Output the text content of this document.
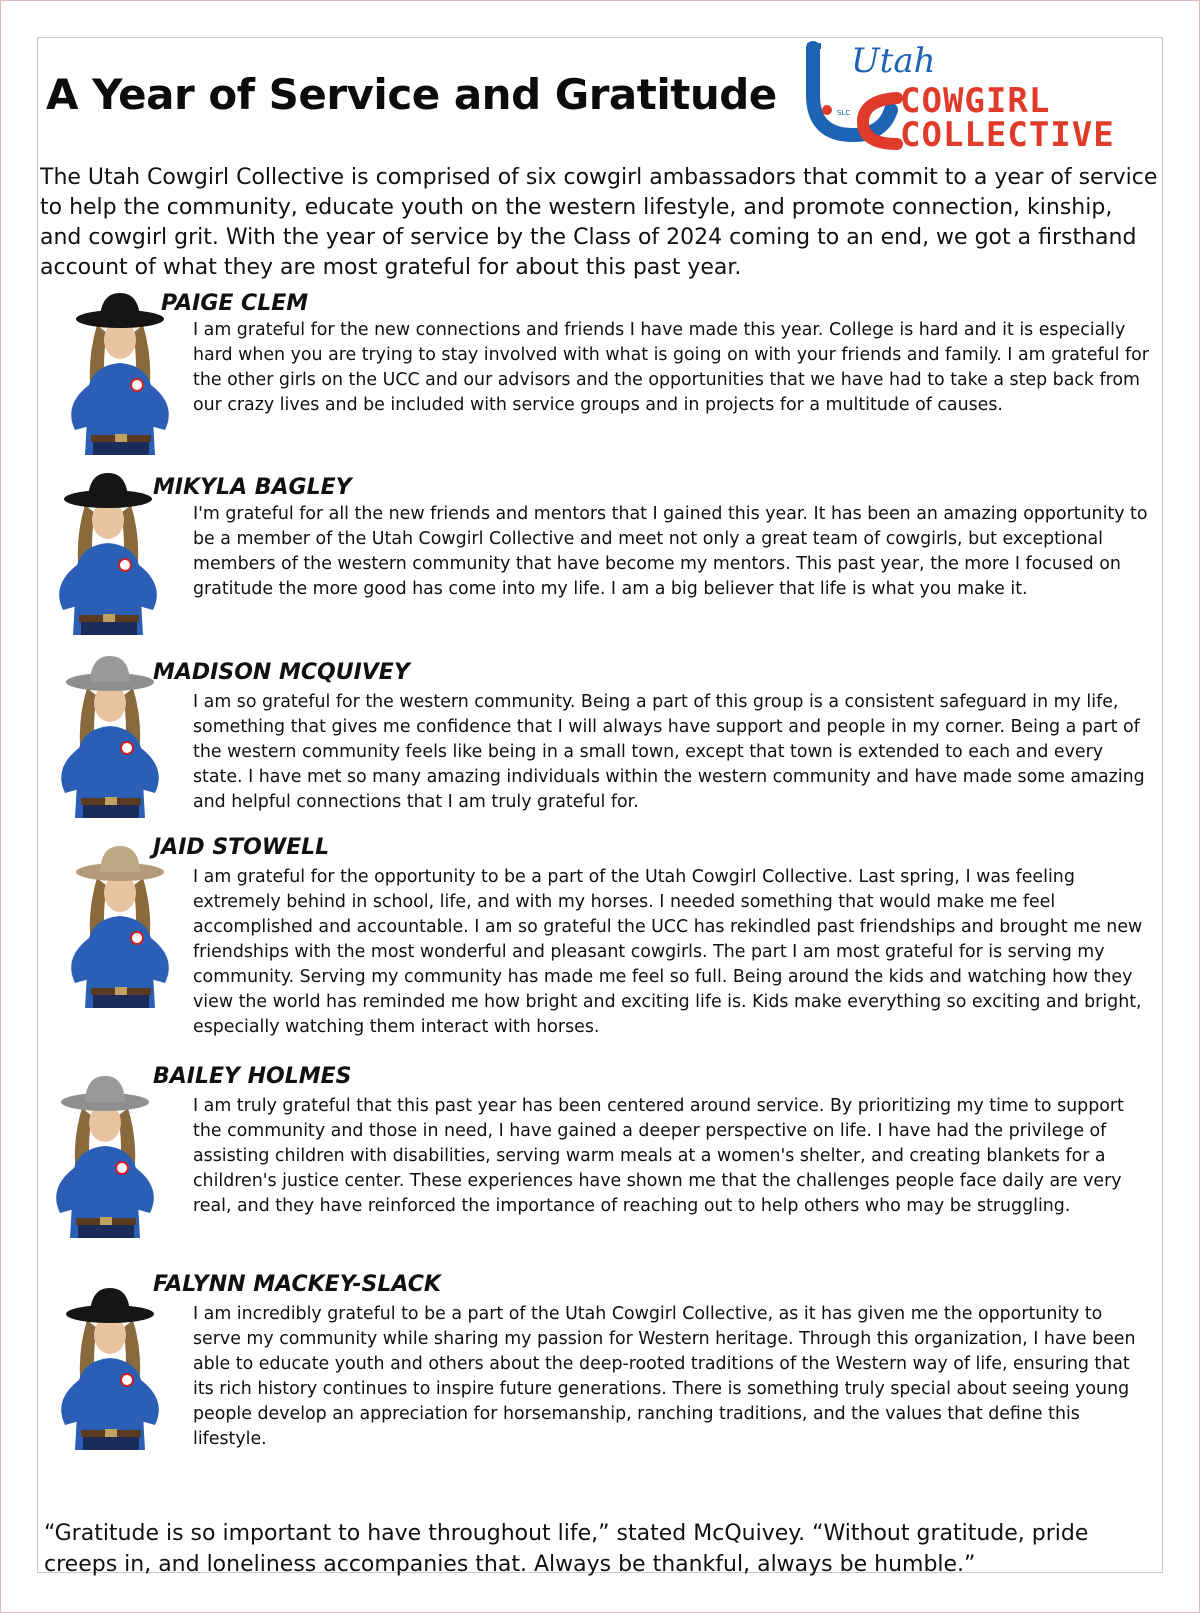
A Year of Service and Gratitude	SLC
Utah
COWGIRL
COLLECTIVE
The Utah Cowgirl Collective is comprised of six cowgirl ambassadors that commit to a year of service to help the community, educate youth on the western lifestyle, and promote connection, kinship, and cowgirl grit. With the year of service by the Class of 2024 coming to an end, we got a firsthand account of what they are most grateful for about this past year.
PAIGE CLEM
I am grateful for the new connections and friends I have made this year. College is hard and it is especially hard when you are trying to stay involved with what is going on with your friends and family. I am grateful for the other girls on the UCC and our advisors and the opportunities that we have had to take a step back from our crazy lives and be included with service groups and in projects for a multitude of causes.
MIKYLA BAGLEY
I'm grateful for all the new friends and mentors that I gained this year. It has been an amazing opportunity to be a member of the Utah Cowgirl Collective and meet not only a great team of cowgirls, but exceptional members of the western community that have become my mentors. This past year, the more I focused on gratitude the more good has come into my life. I am a big believer that life is what you make it.
MADISON MCQUIVEY
I am so grateful for the western community. Being a part of this group is a consistent safeguard in my life, something that gives me confidence that I will always have support and people in my corner. Being a part of the western community feels like being in a small town, except that town is extended to each and every state. I have met so many amazing individuals within the western community and have made some amazing and helpful connections that I am truly grateful for.
JAID STOWELL
I am grateful for the opportunity to be a part of the Utah Cowgirl Collective. Last spring, I was feeling extremely behind in school, life, and with my horses. I needed something that would make me feel accomplished and accountable. I am so grateful the UCC has rekindled past friendships and brought me new friendships with the most wonderful and pleasant cowgirls. The part I am most grateful for is serving my community. Serving my community has made me feel so full. Being around the kids and watching how they view the world has reminded me how bright and exciting life is. Kids make everything so exciting and bright, especially watching them interact with horses.
BAILEY HOLMES
I am truly grateful that this past year has been centered around service. By prioritizing my time to support the community and those in need, I have gained a deeper perspective on life. I have had the privilege of assisting children with disabilities, serving warm meals at a women's shelter, and creating blankets for a children's justice center. These experiences have shown me that the challenges people face daily are very real, and they have reinforced the importance of reaching out to help others who may be struggling.
FALYNN MACKEY-SLACK
I am incredibly grateful to be a part of the Utah Cowgirl Collective, as it has given me the opportunity to serve my community while sharing my passion for Western heritage. Through this organization, I have been able to educate youth and others about the deep-rooted traditions of the Western way of life, ensuring that its rich history continues to inspire future generations. There is something truly special about seeing young people develop an appreciation for horsemanship, ranching traditions, and the values that define this lifestyle.
“Gratitude is so important to have throughout life,” stated McQuivey. “Without gratitude, pride creeps in, and loneliness accompanies that. Always be thankful, always be humble.”
